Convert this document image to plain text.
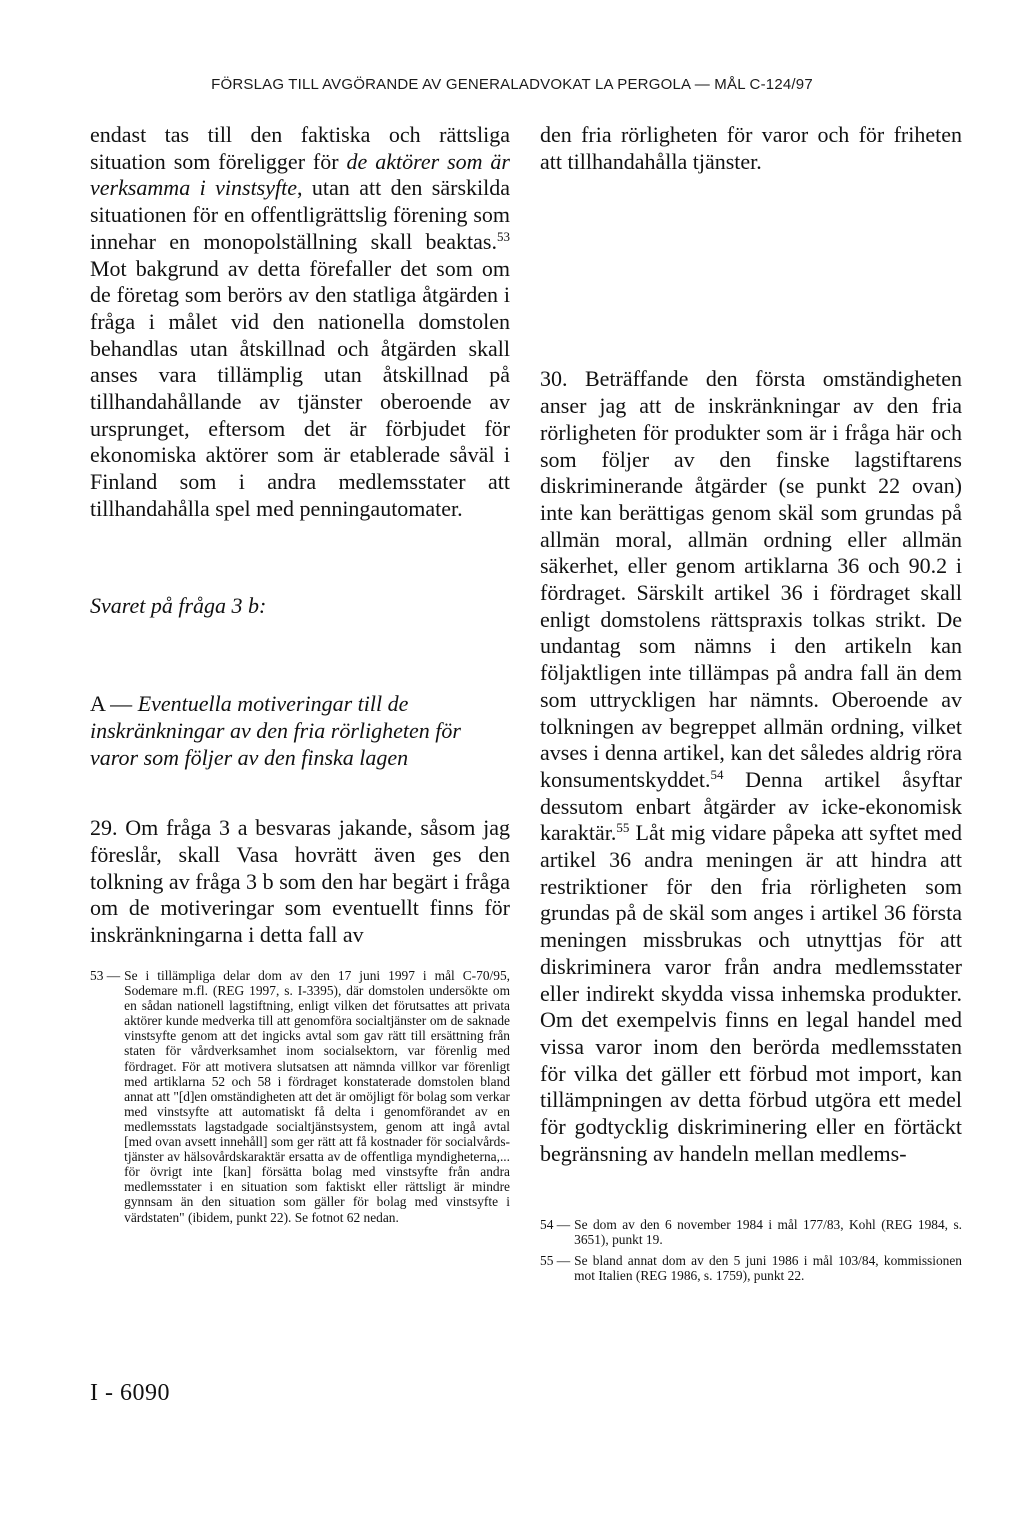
FÖRSLAG TILL AVGÖRANDE AV GENERALADVOKAT LA PERGOLA — MÅL C-124/97

endast tas till den faktiska och rättsliga situation som föreligger för de aktörer som är verksamma i vinstsyfte, utan att den särskilda situationen för en offentligrättslig förening som innehar en monopolställning skall beaktas.$^{53}$ Mot bakgrund av detta förefaller det som om de företag som berörs av den statliga åtgärden i fråga i målet vid den nationella domstolen behandlas utan åtskillnad och åtgärden skall anses vara tillämplig utan åtskillnad på tillhandahållande av tjänster oberoende av ursprunget, eftersom det är förbjudet för ekonomiska aktörer som är etablerade såväl i Finland som i andra medlemsstater att tillhandahålla spel med penningautomater.

Svaret på fråga 3 b:

A — Eventuella motiveringar till de inskränkningar av den fria rörligheten för varor som följer av den finska lagen

29. Om fråga 3 a besvaras jakande, såsom jag föreslår, skall Vasa hovrätt även ges den tolkning av fråga 3 b som den har begärt i fråga om de motiveringar som eventuellt finns för inskränkningarna i detta fall av

den fria rörligheten för varor och för friheten att tillhandahålla tjänster.

30. Beträffande den första omständigheten anser jag att de inskränkningar av den fria rörligheten för produkter som är i fråga här och som följer av den finske lagstiftarens diskriminerande åtgärder (se punkt 22 ovan) inte kan berättigas genom skäl som grundas på allmän moral, allmän ordning eller allmän säkerhet, eller genom artiklarna 36 och 90.2 i fördraget. Särskilt artikel 36 i fördraget skall enligt domstolens rättspraxis tolkas strikt. De undantag som nämns i den artikeln kan följaktligen inte tillämpas på andra fall än dem som uttryckligen har nämnts. Oberoende av tolkningen av begreppet allmän ordning, vilket avses i denna artikel, kan det således aldrig röra konsumentskyddet.$^{54}$ Denna artikel åsyftar dessutom enbart åtgärder av icke-ekonomisk karaktär.$^{55}$ Låt mig vidare påpeka att syftet med artikel 36 andra meningen är att hindra att restriktioner för den fria rörligheten som grundas på de skäl som anges i artikel 36 första meningen missbrukas och utnyttjas för att diskriminera varor från andra medlemsstater eller indirekt skydda vissa inhemska produkter. Om det exempelvis finns en legal handel med vissa varor inom den berörda medlemsstaten för vilka det gäller ett förbud mot import, kan tillämpningen av detta förbud utgöra ett medel för godtycklig diskriminering eller en förtäckt begränsning av handeln mellan medlems-

53 — Se i tillämpliga delar dom av den 17 juni 1997 i mål C-70/95, Sodemare m.fl. (REG 1997, s. I-3395), där domstolen undersökte om en sådan nationell lagstiftning, enligt vilken det förutsattes att privata aktörer kunde medverka till att genomföra socialtjänster om de saknade vinstsyfte genom att det ingicks avtal som gav rätt till ersättning från staten för vårdverksamhet inom socialsektorn, var förenlig med fördraget. För att motivera slutsatsen att nämnda villkor var förenligt med artiklarna 52 och 58 i fördraget konstaterade domstolen bland annat att "[d]en omständigheten att det är omöjligt för bolag som verkar med vinstsyfte att automatiskt få delta i genomförandet av en medlemsstats lagstadgade socialtjänstsystem, genom att ingå avtal [med ovan avsett innehåll] som ger rätt att få kostnader för socialvårdstjänster av hälsovårdskaraktär ersatta av de offentliga myndigheterna,... för övrigt inte [kan] försätta bolag med vinstsyfte från andra medlemsstater i en situation som faktiskt eller rättsligt är mindre gynnsam än den situation som gäller för bolag med vinstsyfte i värdstaten" (ibidem, punkt 22). Se fotnot 62 nedan.	54 — Se dom av den 6 november 1984 i mål 177/83, Kohl (REG 1984, s. 3651), punkt 19.
55 — Se bland annat dom av den 5 juni 1986 i mål 103/84, kommissionen mot Italien (REG 1986, s. 1759), punkt 22.
I - 6090
